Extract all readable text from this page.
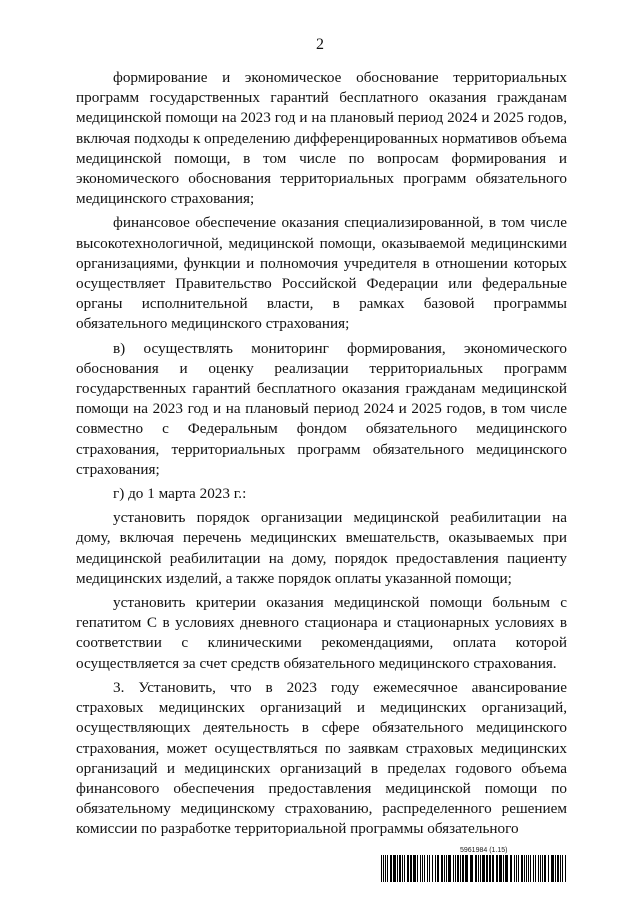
2

формирование и экономическое обоснование территориальных программ государственных гарантий бесплатного оказания гражданам медицинской помощи на 2023 год и на плановый период 2024 и 2025 годов, включая подходы к определению дифференцированных нормативов объема медицинской помощи, в том числе по вопросам формирования и экономического обоснования территориальных программ обязательного медицинского страхования;

финансовое обеспечение оказания специализированной, в том числе высокотехнологичной, медицинской помощи, оказываемой медицинскими организациями, функции и полномочия учредителя в отношении которых осуществляет Правительство Российской Федерации или федеральные органы исполнительной власти, в рамках базовой программы обязательного медицинского страхования;

в) осуществлять мониторинг формирования, экономического обоснования и оценку реализации территориальных программ государственных гарантий бесплатного оказания гражданам медицинской помощи на 2023 год и на плановый период 2024 и 2025 годов, в том числе совместно с Федеральным фондом обязательного медицинского страхования, территориальных программ обязательного медицинского страхования;

г) до 1 марта 2023 г.:

установить порядок организации медицинской реабилитации на дому, включая перечень медицинских вмешательств, оказываемых при медицинской реабилитации на дому, порядок предоставления пациенту медицинских изделий, а также порядок оплаты указанной помощи;

установить критерии оказания медицинской помощи больным с гепатитом С в условиях дневного стационара и стационарных условиях в соответствии с клиническими рекомендациями, оплата которой осуществляется за счет средств обязательного медицинского страхования.

3. Установить, что в 2023 году ежемесячное авансирование страховых медицинских организаций и медицинских организаций, осуществляющих деятельность в сфере обязательного медицинского страхования, может осуществляться по заявкам страховых медицинских организаций и медицинских организаций в пределах годового объема финансового обеспечения предоставления медицинской помощи по обязательному медицинскому страхованию, распределенного решением комиссии по разработке территориальной программы обязательного

5961984 (1.15)
